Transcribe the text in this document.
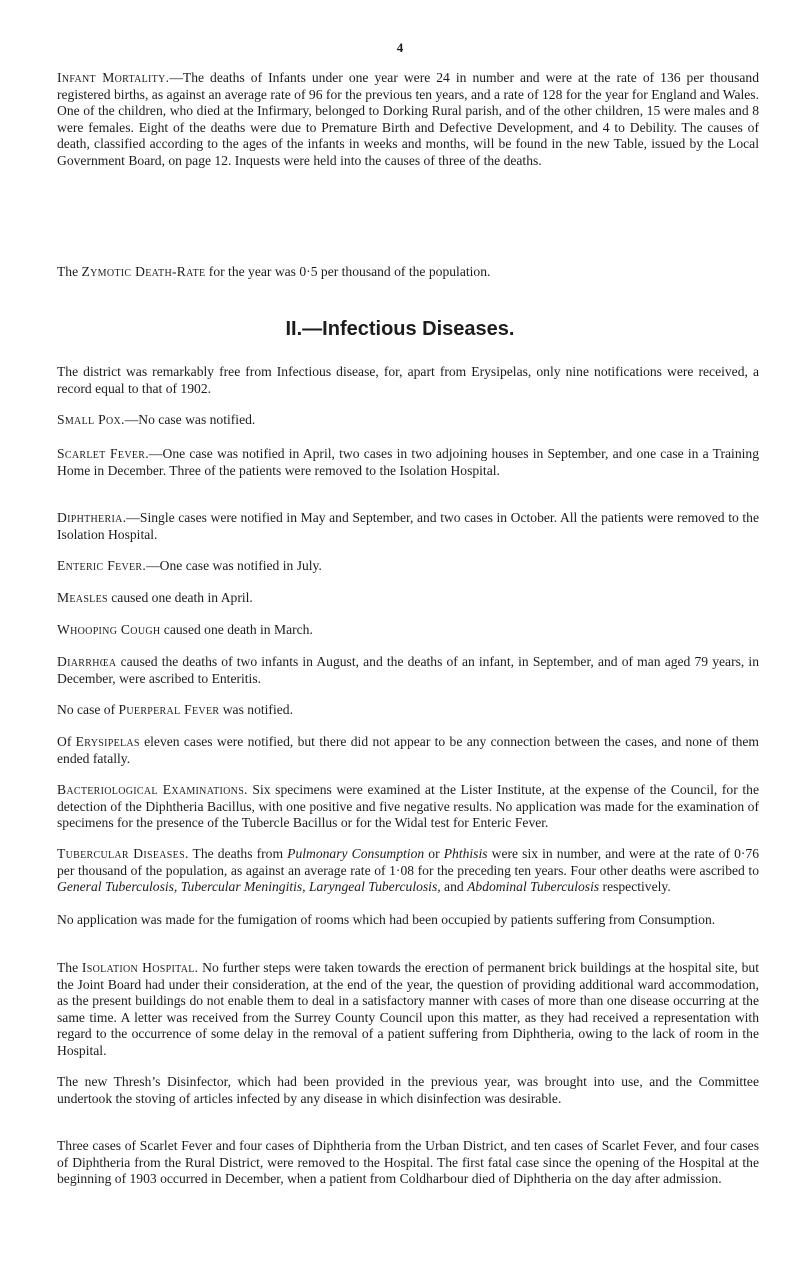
4

Infant Mortality.—The deaths of Infants under one year were 24 in number and were at the rate of 136 per thousand registered births, as against an average rate of 96 for the previous ten years, and a rate of 128 for the year for England and Wales. One of the children, who died at the Infirmary, belonged to Dorking Rural parish, and of the other children, 15 were males and 8 were females. Eight of the deaths were due to Premature Birth and Defective Development, and 4 to Debility. The causes of death, classified according to the ages of the infants in weeks and months, will be found in the new Table, issued by the Local Government Board, on page 12. Inquests were held into the causes of three of the deaths.

The Zymotic Death-Rate for the year was 0·5 per thousand of the population.

II.—Infectious Diseases.

The district was remarkably free from Infectious disease, for, apart from Erysipelas, only nine notifications were received, a record equal to that of 1902.

Small Pox.—No case was notified.

Scarlet Fever.—One case was notified in April, two cases in two adjoining houses in September, and one case in a Training Home in December. Three of the patients were removed to the Isolation Hospital.

Diphtheria.—Single cases were notified in May and September, and two cases in October. All the patients were removed to the Isolation Hospital.

Enteric Fever.—One case was notified in July.

Measles caused one death in April.

Whooping Cough caused one death in March.

Diarrhœa caused the deaths of two infants in August, and the deaths of an infant, in September, and of man aged 79 years, in December, were ascribed to Enteritis.

No case of Puerperal Fever was notified.

Of Erysipelas eleven cases were notified, but there did not appear to be any connection between the cases, and none of them ended fatally.

Bacteriological Examinations. Six specimens were examined at the Lister Institute, at the expense of the Council, for the detection of the Diphtheria Bacillus, with one positive and five negative results. No application was made for the examination of specimens for the presence of the Tubercle Bacillus or for the Widal test for Enteric Fever.

Tubercular Diseases. The deaths from Pulmonary Consumption or Phthisis were six in number, and were at the rate of 0·76 per thousand of the population, as against an average rate of 1·08 for the preceding ten years. Four other deaths were ascribed to General Tuberculosis, Tubercular Meningitis, Laryngeal Tuberculosis, and Abdominal Tuberculosis respectively.

No application was made for the fumigation of rooms which had been occupied by patients suffering from Consumption.

The Isolation Hospital. No further steps were taken towards the erection of permanent brick buildings at the hospital site, but the Joint Board had under their consideration, at the end of the year, the question of providing additional ward accommodation, as the present buildings do not enable them to deal in a satisfactory manner with cases of more than one disease occurring at the same time. A letter was received from the Surrey County Council upon this matter, as they had received a representation with regard to the occurrence of some delay in the removal of a patient suffering from Diphtheria, owing to the lack of room in the Hospital.

The new Thresh’s Disinfector, which had been provided in the previous year, was brought into use, and the Committee undertook the stoving of articles infected by any disease in which disinfection was desirable.

Three cases of Scarlet Fever and four cases of Diphtheria from the Urban District, and ten cases of Scarlet Fever, and four cases of Diphtheria from the Rural District, were removed to the Hospital. The first fatal case since the opening of the Hospital at the beginning of 1903 occurred in December, when a patient from Coldharbour died of Diphtheria on the day after admission.
